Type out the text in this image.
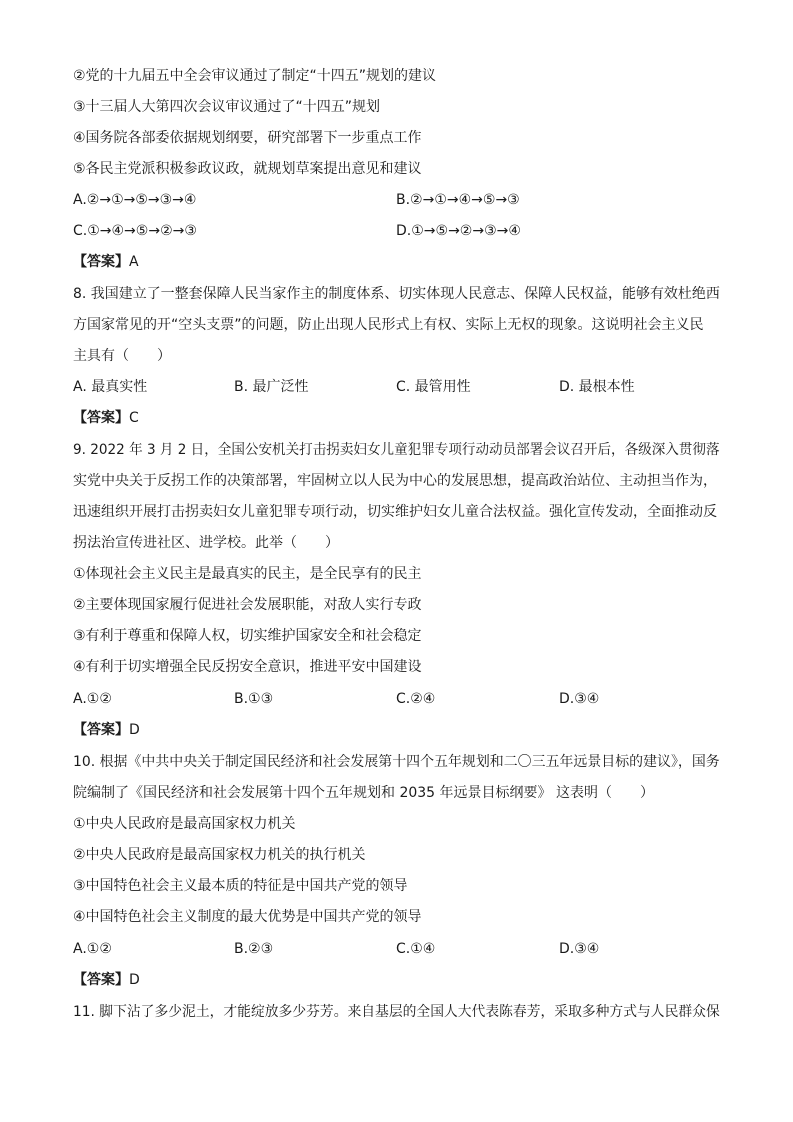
②党的十九届五中全会审议通过了制定“十四五”规划的建议
③十三届人大第四次会议审议通过了“十四五”规划
④国务院各部委依据规划纲要，研究部署下一步重点工作
⑤各民主党派积极参政议政，就规划草案提出意见和建议
A.②→①→⑤→③→④	B.②→①→④→⑤→③
C.①→④→⑤→②→③	D.①→⑤→②→③→④
【答案】A
8. 我国建立了一整套保障人民当家作主的制度体系、切实体现人民意志、保障人民权益，能够有效杜绝西
方国家常见的开“空头支票”的问题，防止出现人民形式上有权、实际上无权的现象。这说明社会主义民
主具有（　　）
A. 最真实性	B. 最广泛性	C. 最管用性	D. 最根本性
【答案】C
9. 2022 年 3 月 2 日，全国公安机关打击拐卖妇女儿童犯罪专项行动动员部署会议召开后，各级深入贯彻落
实党中央关于反拐工作的决策部署，牢固树立以人民为中心的发展思想，提高政治站位、主动担当作为，
迅速组织开展打击拐卖妇女儿童犯罪专项行动，切实维护妇女儿童合法权益。强化宣传发动，全面推动反
拐法治宣传进社区、进学校。此举（　　）
①体现社会主义民主是最真实的民主，是全民享有的民主
②主要体现国家履行促进社会发展职能，对敌人实行专政
③有利于尊重和保障人权，切实维护国家安全和社会稳定
④有利于切实增强全民反拐安全意识，推进平安中国建设
A.①②	B.①③	C.②④	D.③④
【答案】D
10. 根据《中共中央关于制定国民经济和社会发展第十四个五年规划和二〇三五年远景目标的建议》，国务
院编制了《国民经济和社会发展第十四个五年规划和 2035 年远景目标纲要》 这表明（　　）
①中央人民政府是最高国家权力机关
②中央人民政府是最高国家权力机关的执行机关
③中国特色社会主义最本质的特征是中国共产党的领导
④中国特色社会主义制度的最大优势是中国共产党的领导
A.①②	B.②③	C.①④	D.③④
【答案】D
11. 脚下沾了多少泥土，才能绽放多少芬芳。来自基层的全国人大代表陈春芳，采取多种方式与人民群众保
